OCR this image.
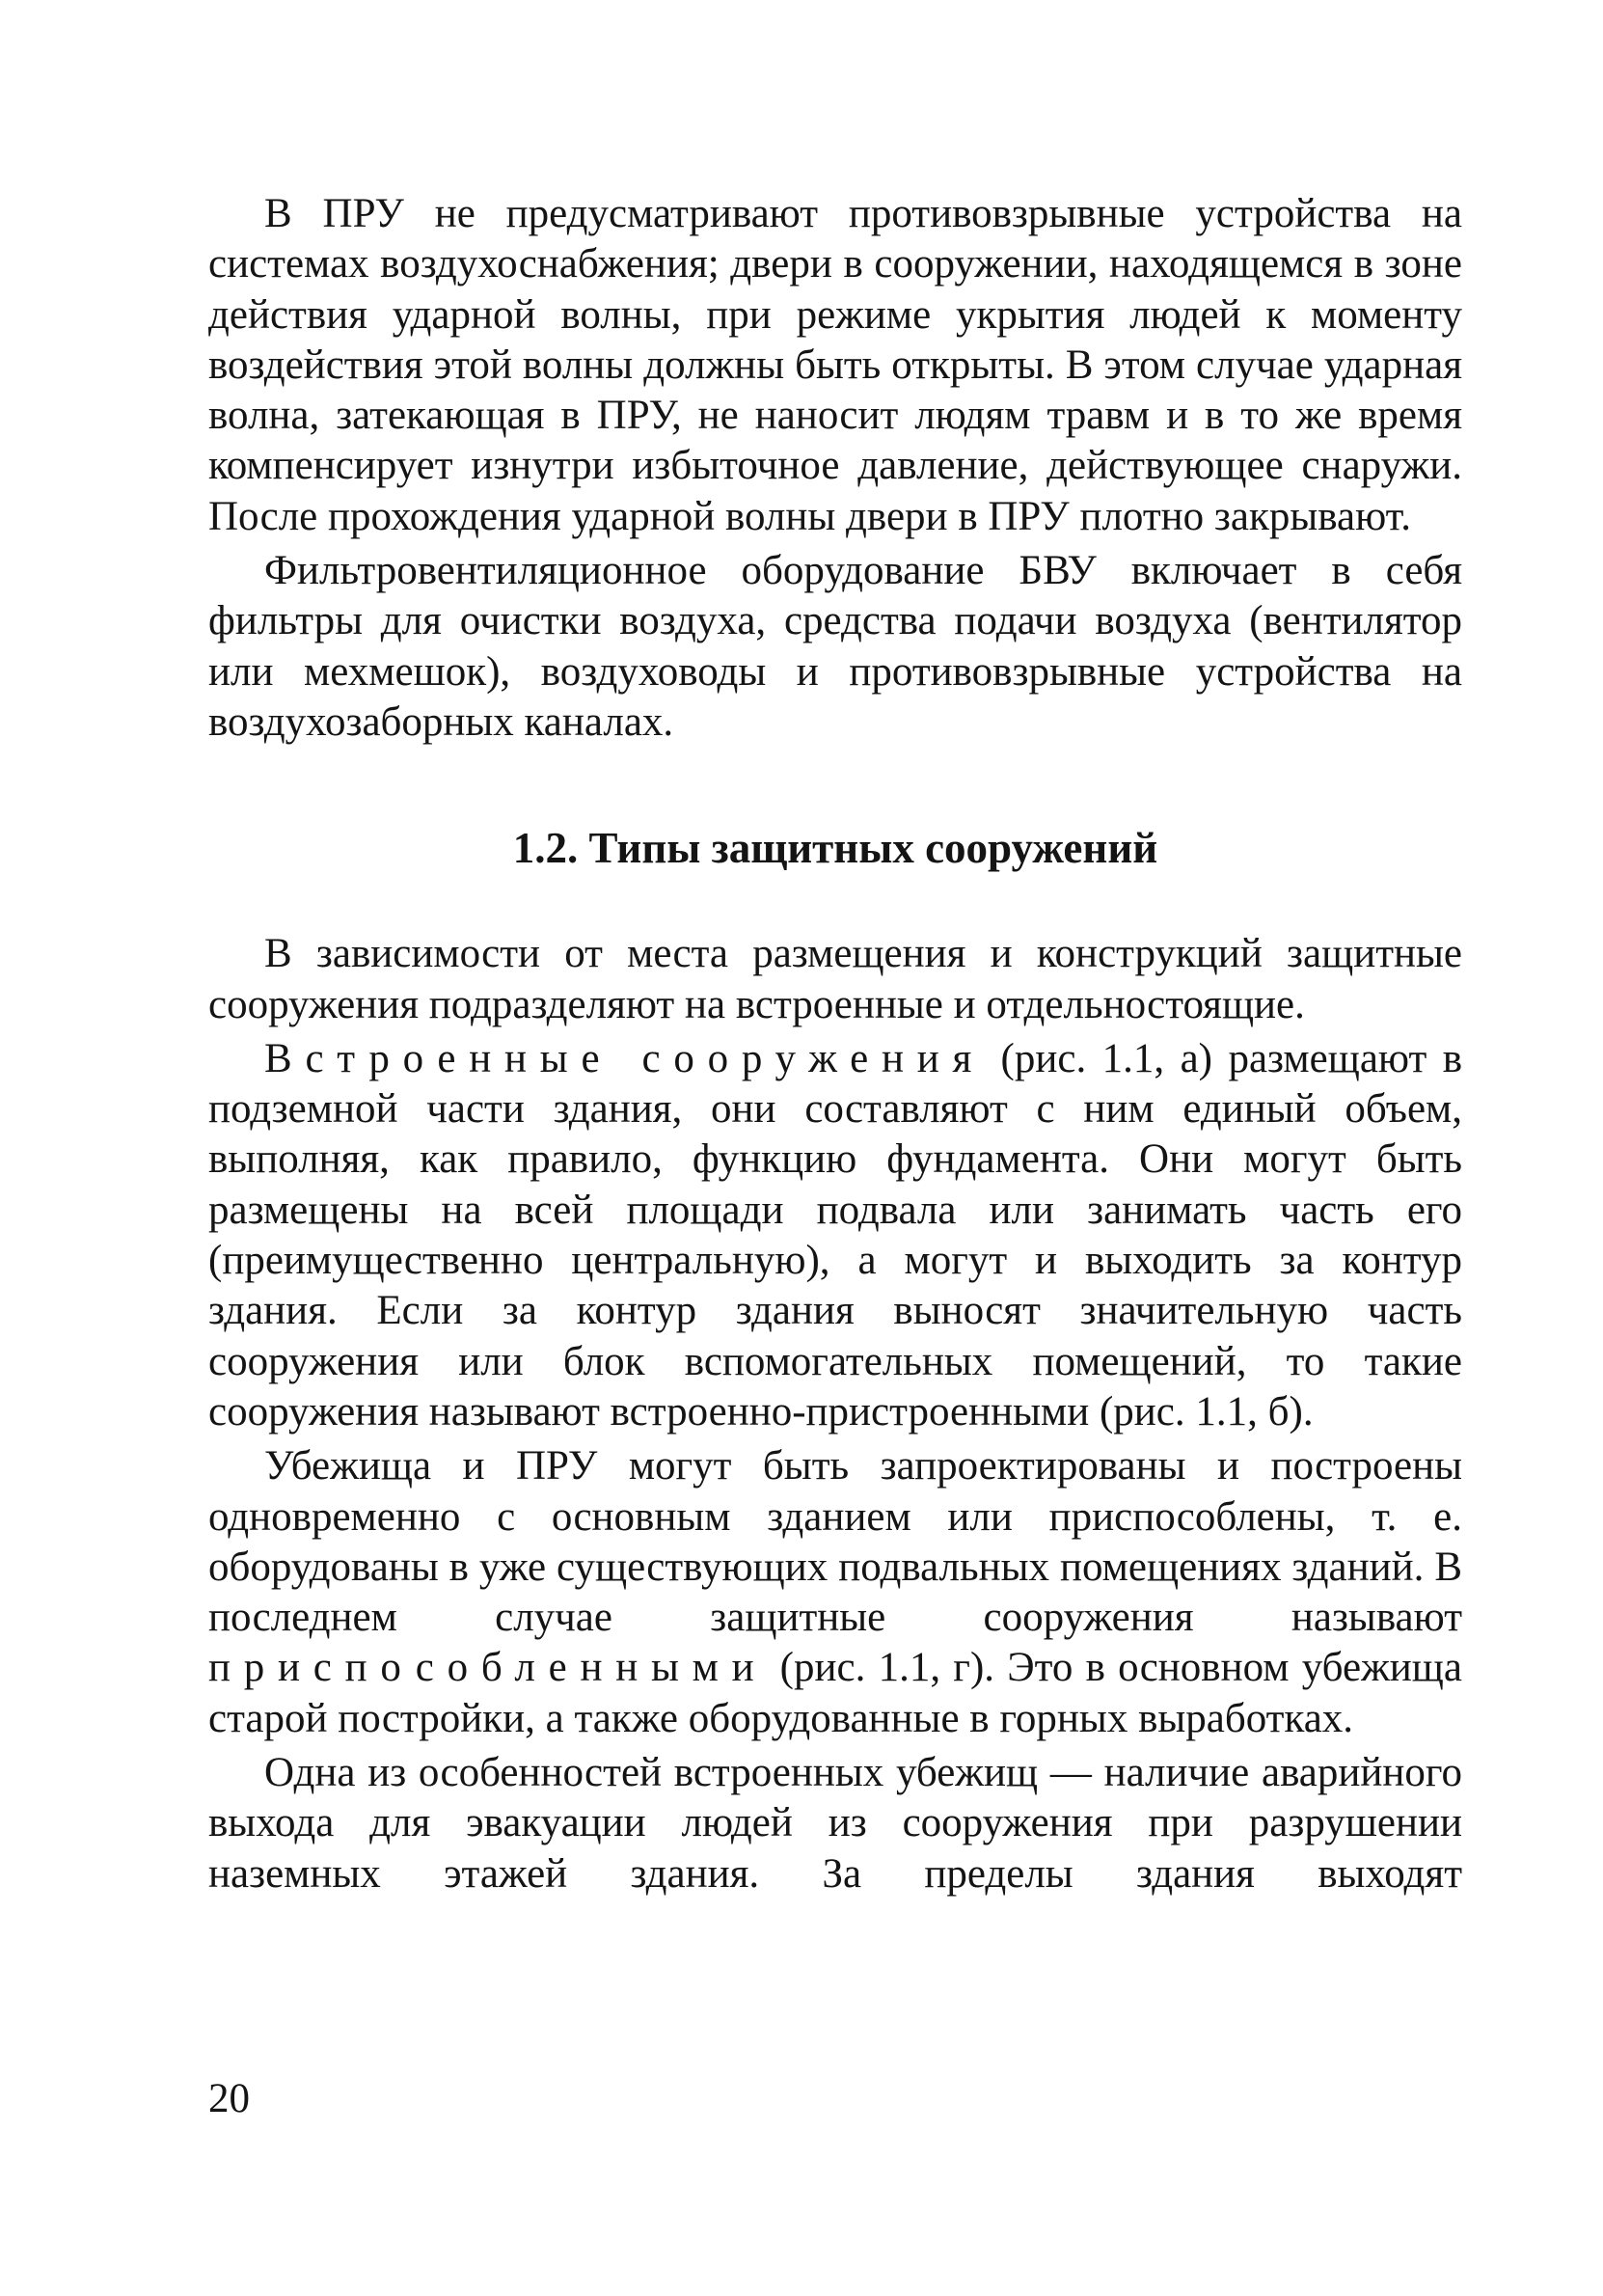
В ПРУ не предусматривают противовзрывные устройства на системах воздухоснабжения; двери в сооружении, находящемся в зоне действия ударной волны, при режиме укрытия людей к моменту воздействия этой волны должны быть открыты. В этом случае ударная волна, затекающая в ПРУ, не наносит людям травм и в то же время компенсирует изнутри избыточное давление, действующее снаружи. После прохождения ударной волны двери в ПРУ плотно закрывают.

Фильтровентиляционное оборудование БВУ включает в себя фильтры для очистки воздуха, средства подачи воздуха (вентилятор или мехмешок), воздуховоды и противовзрывные устройства на воздухозаборных каналах.

1.2. Типы защитных сооружений

В зависимости от места размещения и конструкций защитные сооружения подразделяют на встроенные и отдельностоящие.

Встроенные сооружения (рис. 1.1, а) размещают в подземной части здания, они составляют с ним единый объем, выполняя, как правило, функцию фундамента. Они могут быть размещены на всей площади подвала или занимать часть его (преимущественно центральную), а могут и выходить за контур здания. Если за контур здания выносят значительную часть сооружения или блок вспомогательных помещений, то такие сооружения называют встроенно-пристроенными (рис. 1.1, б).

Убежища и ПРУ могут быть запроектированы и построены одновременно с основным зданием или приспособлены, т. е. оборудованы в уже существующих подвальных помещениях зданий. В последнем случае защитные сооружения называют приспособленными (рис. 1.1, г). Это в основном убежища старой постройки, а также оборудованные в горных выработках.

Одна из особенностей встроенных убежищ — наличие аварийного выхода для эвакуации людей из сооружения при разрушении наземных этажей здания. За пределы здания выходят

20
